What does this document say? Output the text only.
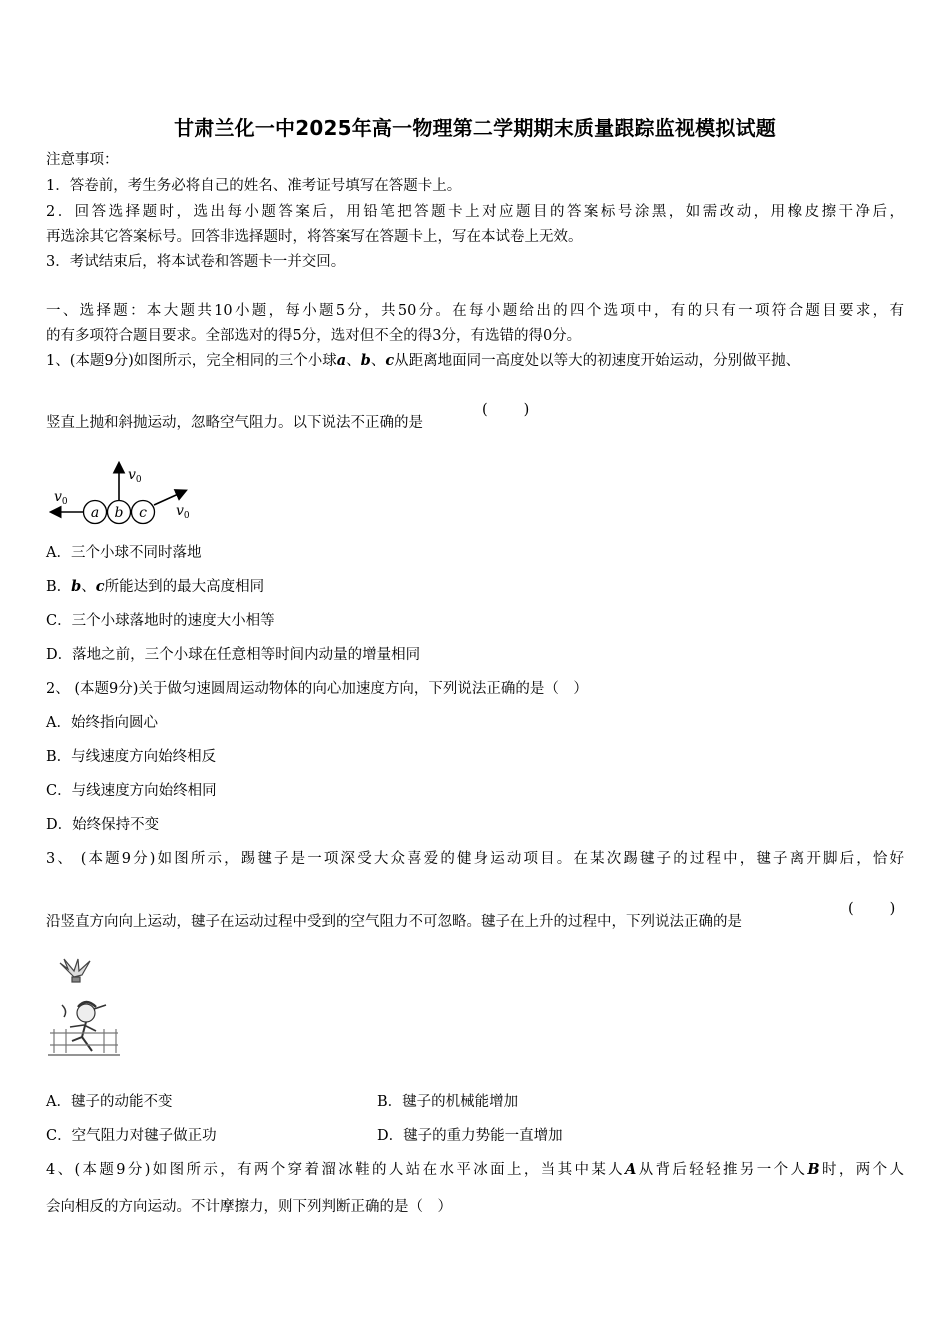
甘肃兰化一中2025年高一物理第二学期期末质量跟踪监视模拟试题
注意事项：
1．答卷前，考生务必将自己的姓名、准考证号填写在答题卡上。
2．回答选择题时，选出每小题答案后，用铅笔把答题卡上对应题目的答案标号涂黑，如需改动，用橡皮擦干净后，
再选涂其它答案标号。回答非选择题时，将答案写在答题卡上，写在本试卷上无效。
3．考试结束后，将本试卷和答题卡一并交回。
一、选择题：本大题共10小题，每小题5分，共50分。在每小题给出的四个选项中，有的只有一项符合题目要求，有
的有多项符合题目要求。全部选对的得5分，选对但不全的得3分，有选错的得0分。
1、(本题9分)如图所示，完全相同的三个小球a、b、c从距离地面同一高度处以等大的初速度开始运动，分别做平抛、
竖直上抛和斜抛运动，忽略空气阻力。以下说法不正确的是
( )
a b c
$v_0$
$v_0$
$v_0$
A．三个小球不同时落地
B．b、c所能达到的最大高度相同
C．三个小球落地时的速度大小相等
D．落地之前，三个小球在任意相等时间内动量的增量相同
2、 (本题9分)关于做匀速圆周运动物体的向心加速度方向，下列说法正确的是（　）
A．始终指向圆心
B．与线速度方向始终相反
C．与线速度方向始终相同
D．始终保持不变
3、 (本题9分)如图所示，踢毽子是一项深受大众喜爱的健身运动项目。在某次踢毽子的过程中，毽子离开脚后，恰好
沿竖直方向向上运动，毽子在运动过程中受到的空气阻力不可忽略。毽子在上升的过程中，下列说法正确的是
( )
A．毽子的动能不变	B．毽子的机械能增加
C．空气阻力对毽子做正功	D．毽子的重力势能一直增加
4、(本题9分)如图所示，有两个穿着溜冰鞋的人站在水平冰面上，当其中某人A从背后轻轻推另一个人B时，两个人
会向相反的方向运动。不计摩擦力，则下列判断正确的是（　）
